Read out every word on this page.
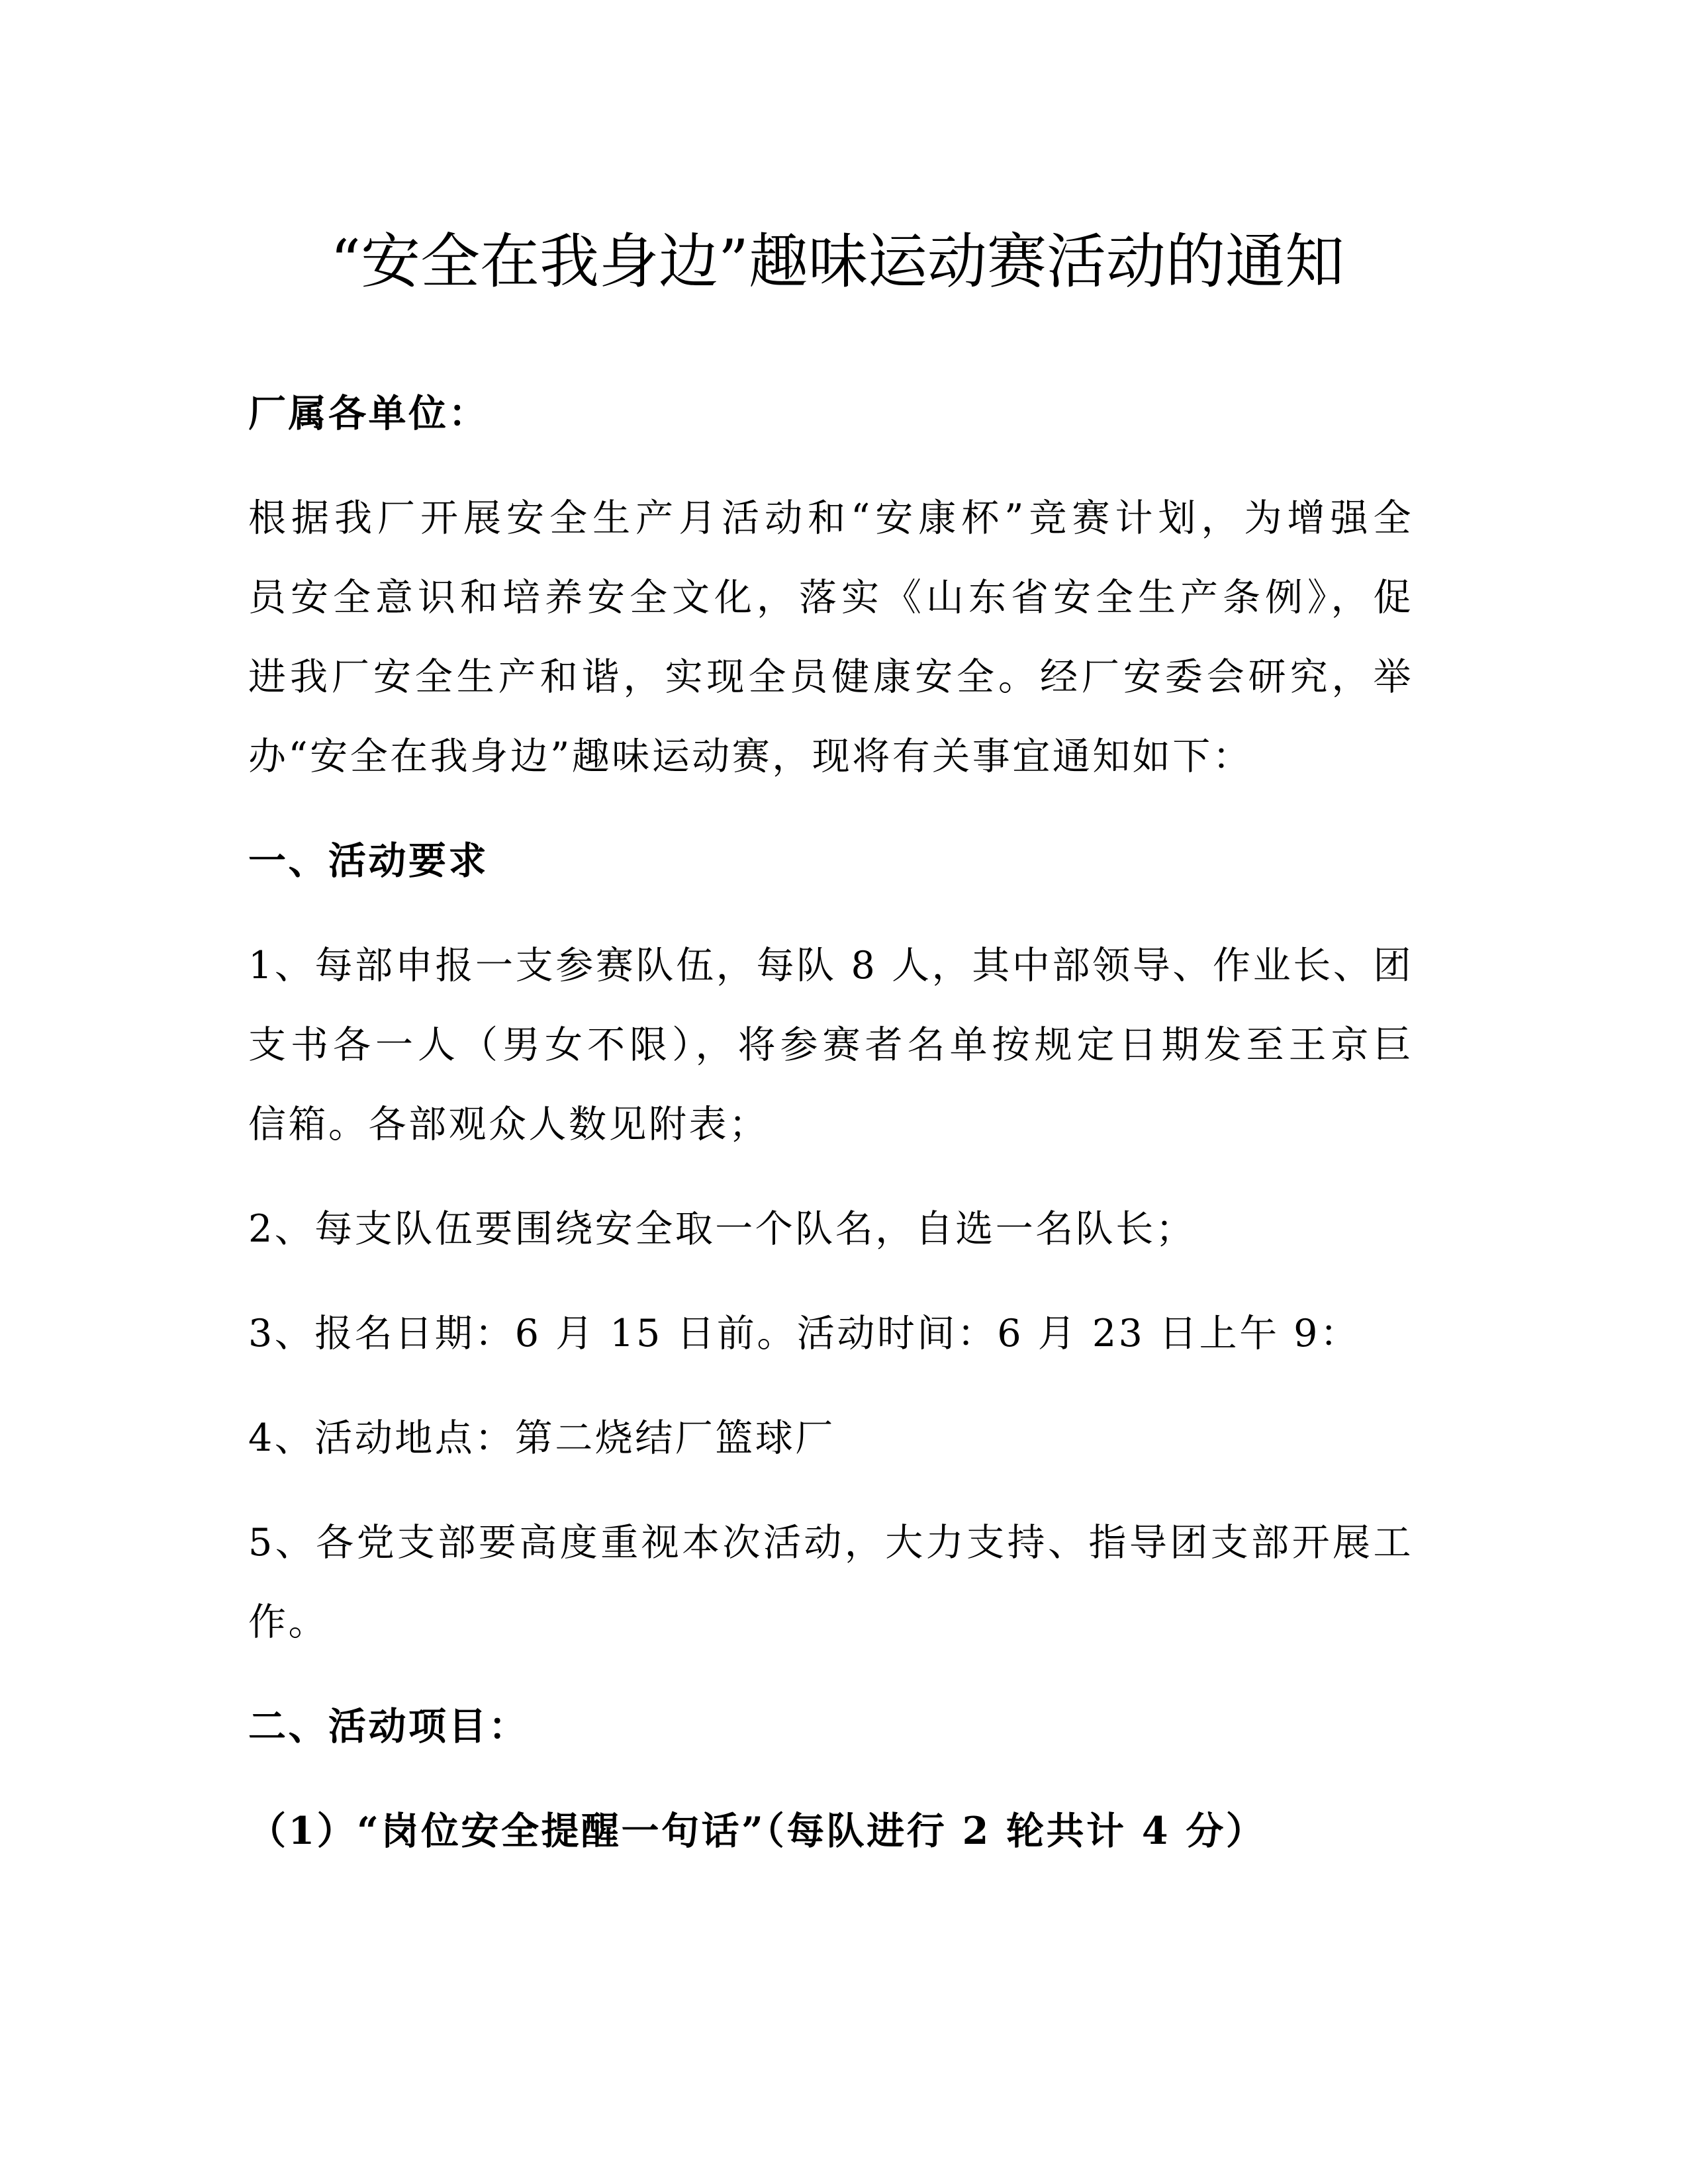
“安全在我身边”趣味运动赛活动的通知
厂属各单位：
根据我厂开展安全生产月活动和“安康杯”竞赛计划，为增强全
员安全意识和培养安全文化，落实《山东省安全生产条例》，促
进我厂安全生产和谐，实现全员健康安全。经厂安委会研究，举
办“安全在我身边”趣味运动赛，现将有关事宜通知如下：
一、活动要求
1、每部申报一支参赛队伍，每队 8 人，其中部领导、作业长、团
支书各一人（男女不限），将参赛者名单按规定日期发至王京巨
信箱。各部观众人数见附表；
2、每支队伍要围绕安全取一个队名，自选一名队长；
3、报名日期：6 月 15 日前。活动时间：6 月 23 日上午 9：
4、活动地点：第二烧结厂篮球厂
5、各党支部要高度重视本次活动，大力支持、指导团支部开展工
作。
二、活动项目：
（1）“岗位安全提醒一句话”（每队进行 2 轮共计 4 分）
